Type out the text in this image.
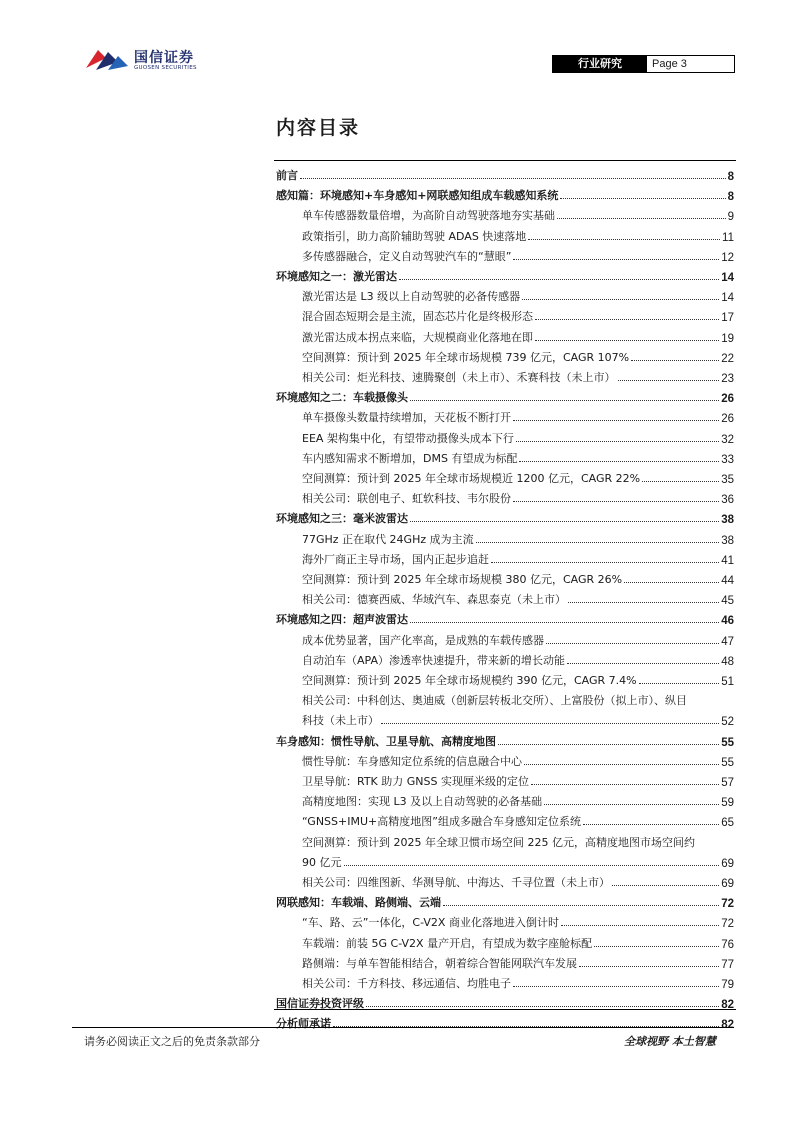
国信证券
GUOSEN SECURITIES	行业研究	Page 3
内容目录
前言	8
感知篇：环境感知+车身感知+网联感知组成车载感知系统	8
单车传感器数量倍增，为高阶自动驾驶落地夯实基础	9
政策指引，助力高阶辅助驾驶 ADAS 快速落地	11
多传感器融合，定义自动驾驶汽车的“慧眼”	12
环境感知之一：激光雷达	14
激光雷达是 L3 级以上自动驾驶的必备传感器	14
混合固态短期会是主流，固态芯片化是终极形态	17
激光雷达成本拐点来临，大规模商业化落地在即	19
空间测算：预计到 2025 年全球市场规模 739 亿元，CAGR 107%	22
相关公司：炬光科技、速腾聚创（未上市）、禾赛科技（未上市）	23
环境感知之二：车载摄像头	26
单车摄像头数量持续增加，天花板不断打开	26
EEA 架构集中化，有望带动摄像头成本下行	32
车内感知需求不断增加，DMS 有望成为标配	33
空间测算：预计到 2025 年全球市场规模近 1200 亿元，CAGR 22%	35
相关公司：联创电子、虹软科技、韦尔股份	36
环境感知之三：毫米波雷达	38
77GHz 正在取代 24GHz 成为主流	38
海外厂商正主导市场，国内正起步追赶	41
空间测算：预计到 2025 年全球市场规模 380 亿元，CAGR 26%	44
相关公司：德赛西威、华域汽车、森思泰克（未上市）	45
环境感知之四：超声波雷达	46
成本优势显著，国产化率高，是成熟的车载传感器	47
自动泊车（APA）渗透率快速提升，带来新的增长动能	48
空间测算：预计到 2025 年全球市场规模约 390 亿元，CAGR 7.4%	51
相关公司：中科创达、奥迪威（创新层转板北交所）、上富股份（拟上市）、纵目
科技（未上市）	52
车身感知：惯性导航、卫星导航、高精度地图	55
惯性导航：车身感知定位系统的信息融合中心	55
卫星导航：RTK 助力 GNSS 实现厘米级的定位	57
高精度地图：实现 L3 及以上自动驾驶的必备基础	59
“GNSS+IMU+高精度地图”组成多融合车身感知定位系统	65
空间测算：预计到 2025 年全球卫惯市场空间 225 亿元，高精度地图市场空间约
90 亿元	69
相关公司：四维图新、华测导航、中海达、千寻位置（未上市）	69
网联感知：车载端、路侧端、云端	72
“车、路、云”一体化，C-V2X 商业化落地进入倒计时	72
车载端：前装 5G C-V2X 量产开启，有望成为数字座舱标配	76
路侧端：与单车智能相结合，朝着综合智能网联汽车发展	77
相关公司：千方科技、移远通信、均胜电子	79
国信证券投资评级	82
分析师承诺	82
请务必阅读正文之后的免责条款部分	全球视野 本土智慧
